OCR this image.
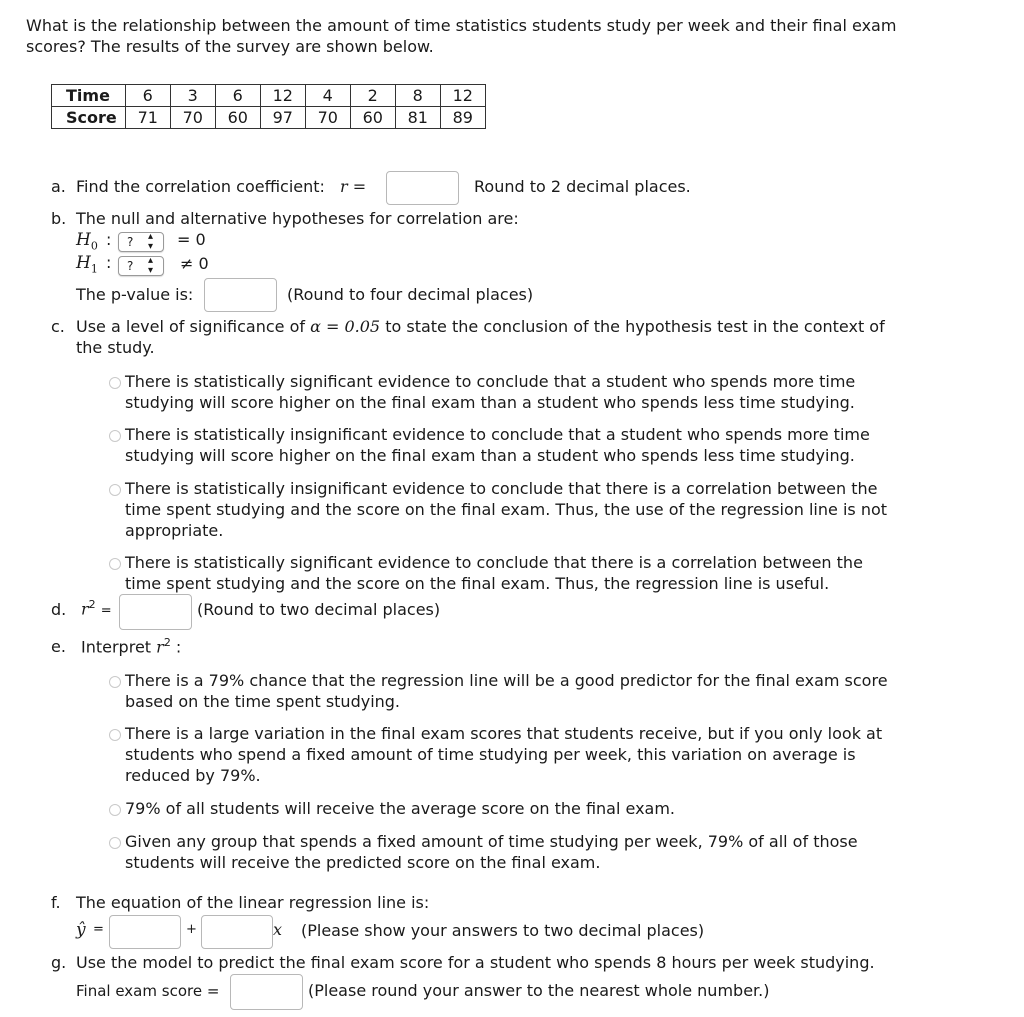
What is the relationship between the amount of time statistics students study per week and their final exam scores? The results of the survey are shown below.
Time	6	3	6	12	4	2	8	12
Score	71	70	60	97	70	60	81	89
a. Find the correlation coefficient: r =	Round to 2 decimal places.
b. The null and alternative hypotheses for correlation are:
$H_0$ : ? ▴
▾ = 0
$H_1$ : ? ▴
▾ ≠ 0
The p-value is:	(Round to four decimal places)
c. Use a level of significance of α = 0.05 to state the conclusion of the hypothesis test in the context of
the study.
There is statistically significant evidence to conclude that a student who spends more time studying will score higher on the final exam than a student who spends less time studying.
There is statistically insignificant evidence to conclude that a student who spends more time studying will score higher on the final exam than a student who spends less time studying.
There is statistically insignificant evidence to conclude that there is a correlation between the time spent studying and the score on the final exam. Thus, the use of the regression line is not appropriate.
There is statistically significant evidence to conclude that there is a correlation between the time spent studying and the score on the final exam. Thus, the regression line is useful.
d. $r^2$ =	(Round to two decimal places)
e. Interpret $r^2$ :
There is a 79% chance that the regression line will be a good predictor for the final exam score based on the time spent studying.
There is a large variation in the final exam scores that students receive, but if you only look at students who spend a fixed amount of time studying per week, this variation on average is reduced by 79%.
79% of all students will receive the average score on the final exam.
Given any group that spends a fixed amount of time studying per week, 79% of all of those students will receive the predicted score on the final exam.
f. The equation of the linear regression line is:
ŷ =	+	x (Please show your answers to two decimal places)
g. Use the model to predict the final exam score for a student who spends 8 hours per week studying.
Final exam score =	(Please round your answer to the nearest whole number.)
